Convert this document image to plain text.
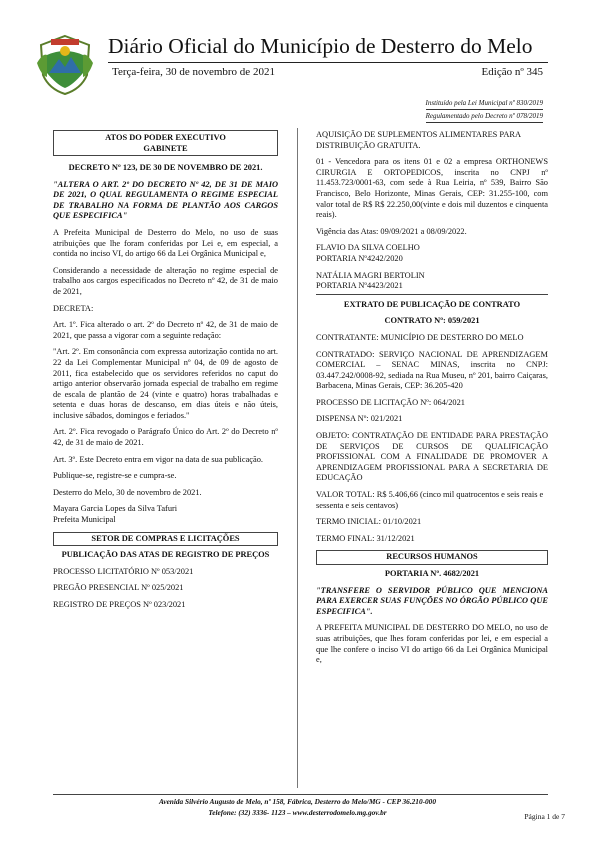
Diário Oficial do Município de Desterro do Melo
Terça-feira, 30 de novembro de 2021	Edição nº 345
Instituído pela Lei Municipal nº 830/2019
Regulamentado pelo Decreto nº 078/2019
ATOS DO PODER EXECUTIVO
GABINETE

DECRETO Nº 123, DE 30 DE NOVEMBRO DE 2021.

"ALTERA O ART. 2º DO DECRETO Nº 42, DE 31 DE MAIO DE 2021, O QUAL REGULAMENTA O REGIME ESPECIAL DE TRABALHO NA FORMA DE PLANTÃO AOS CARGOS QUE ESPECIFICA"

A Prefeita Municipal de Desterro do Melo, no uso de suas atribuições que lhe foram conferidas por Lei e, em especial, a contida no inciso VI, do artigo 66 da Lei Orgânica Municipal e,

Considerando a necessidade de alteração no regime especial de trabalho aos cargos especificados no Decreto nº 42, de 31 de maio de 2021,

DECRETA:

Art. 1º. Fica alterado o art. 2º do Decreto nº 42, de 31 de maio de 2021, que passa a vigorar com a seguinte redação:

"Art. 2º. Em consonância com expressa autorização contida no art. 22 da Lei Complementar Municipal nº 04, de 09 de agosto de 2011, fica estabelecido que os servidores referidos no caput do artigo anterior observarão jornada especial de trabalho em regime de escala de plantão de 24 (vinte e quatro) horas trabalhadas e setenta e duas horas de descanso, em dias úteis e não úteis, inclusive sábados, domingos e feriados."

Art. 2º. Fica revogado o Parágrafo Único do Art. 2º do Decreto nº 42, de 31 de maio de 2021.

Art. 3º. Este Decreto entra em vigor na data de sua publicação.

Publique-se, registre-se e cumpra-se.

Desterro do Melo, 30 de novembro de 2021.

Mayara Garcia Lopes da Silva Tafuri
Prefeita Municipal
SETOR DE COMPRAS E LICITAÇÕES

PUBLICAÇÃO DAS ATAS DE REGISTRO DE PREÇOS

PROCESSO LICITATÓRIO Nº 053/2021

PREGÃO PRESENCIAL Nº 025/2021

REGISTRO DE PREÇOS Nº 023/2021

AQUISIÇÃO DE SUPLEMENTOS ALIMENTARES PARA DISTRIBUIÇÃO GRATUITA.

01 - Vencedora para os itens 01 e 02 a empresa ORTHONEWS CIRURGIA E ORTOPEDICOS, inscrita no CNPJ nº 11.453.723/0001-63, com sede à Rua Leiria, nº 539, Bairro São Francisco, Belo Horizonte, Minas Gerais, CEP: 31.255-100, com valor total de R$ R$ 22.250,00(vinte e dois mil duzentos e cinquenta reais).

Vigência das Atas: 09/09/2021 a 08/09/2022.

FLAVIO DA SILVA COELHO

PORTARIA Nº4242/2020

NATÁLIA MAGRI BERTOLIN
PORTARIA Nº4423/2021

EXTRATO DE PUBLICAÇÃO DE CONTRATO

CONTRATO Nº: 059/2021

CONTRATANTE: MUNICÍPIO DE DESTERRO DO MELO

CONTRATADO: SERVIÇO NACIONAL DE APRENDIZAGEM COMERCIAL – SENAC MINAS, inscrita no CNPJ: 03.447.242/0008-92, sediada na Rua Museu, nº 201, bairro Caiçaras, Barbacena, Minas Gerais, CEP: 36.205-420

PROCESSO DE LICITAÇÃO Nº: 064/2021

DISPENSA Nº: 021/2021

OBJETO: CONTRATAÇÃO DE ENTIDADE PARA PRESTAÇÃO DE SERVIÇOS DE CURSOS DE QUALIFICAÇÃO PROFISSIONAL COM A FINALIDADE DE PROMOVER A APRENDIZAGEM PROFISSIONAL PARA A SECRETARIA DE EDUCAÇÃO

VALOR TOTAL: R$ 5.406,66 (cinco mil quatrocentos e seis reais e sessenta e seis centavos)

TERMO INICIAL: 01/10/2021

TERMO FINAL: 31/12/2021

RECURSOS HUMANOS

PORTARIA Nº. 4682/2021

"TRANSFERE O SERVIDOR PÚBLICO QUE MENCIONA PARA EXERCER SUAS FUNÇÕES NO ÓRGÃO PÚBLICO QUE ESPECIFICA".

A PREFEITA MUNICIPAL DE DESTERRO DO MELO, no uso de suas atribuições, que lhes foram conferidas por lei, e em especial a que lhe confere o inciso VI do artigo 66 da Lei Orgânica Municipal e,

Avenida Silvério Augusto de Melo, nº 158, Fábrica, Desterro do Melo/MG - CEP 36.210-000
Telefone: (32) 3336- 1123 – www.desterrodomelo.mg.gov.br	Página 1 de 7
